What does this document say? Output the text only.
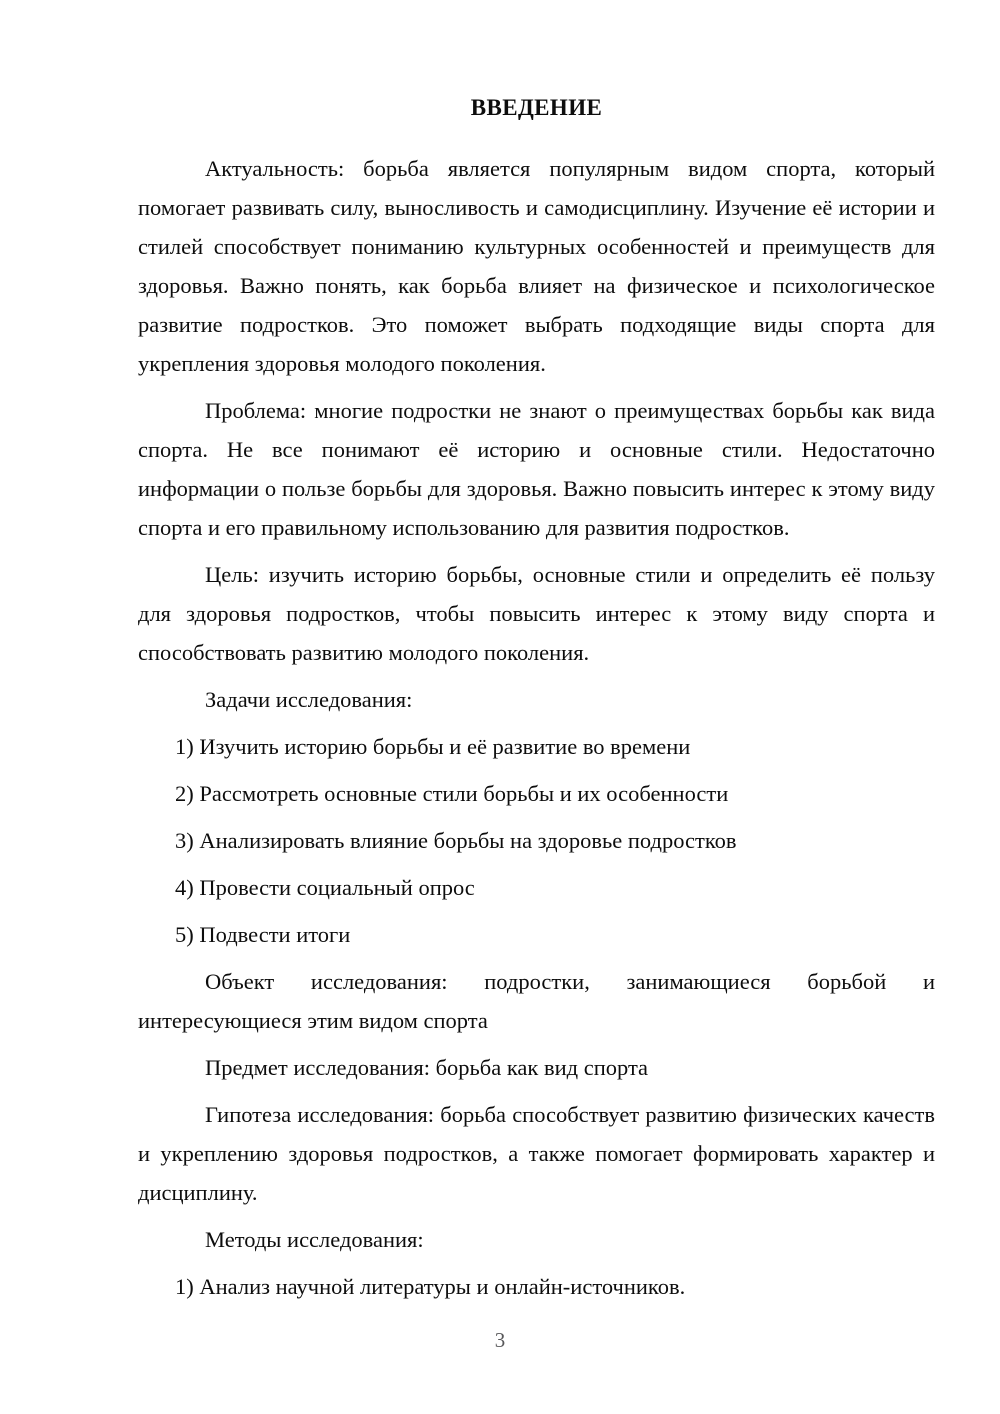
ВВЕДЕНИЕ

Актуальность: борьба является популярным видом спорта, который помогает развивать силу, выносливость и самодисциплину. Изучение её истории и стилей способствует пониманию культурных особенностей и преимуществ для здоровья. Важно понять, как борьба влияет на физическое и психологическое развитие подростков. Это поможет выбрать подходящие виды спорта для укрепления здоровья молодого поколения.

Проблема: многие подростки не знают о преимуществах борьбы как вида спорта. Не все понимают её историю и основные стили. Недостаточно информации о пользе борьбы для здоровья. Важно повысить интерес к этому виду спорта и его правильному использованию для развития подростков.

Цель: изучить историю борьбы, основные стили и определить её пользу для здоровья подростков, чтобы повысить интерес к этому виду спорта и способствовать развитию молодого поколения.

Задачи исследования:

1) Изучить историю борьбы и её развитие во времени

2) Рассмотреть основные стили борьбы и их особенности

3) Анализировать влияние борьбы на здоровье подростков

4) Провести социальный опрос

5) Подвести итоги

Объект исследования: подростки, занимающиеся борьбой и интересующиеся этим видом спорта

Предмет исследования: борьба как вид спорта

Гипотеза исследования: борьба способствует развитию физических качеств и укреплению здоровья подростков, а также помогает формировать характер и дисциплину.

Методы исследования:

1) Анализ научной литературы и онлайн-источников.

3
